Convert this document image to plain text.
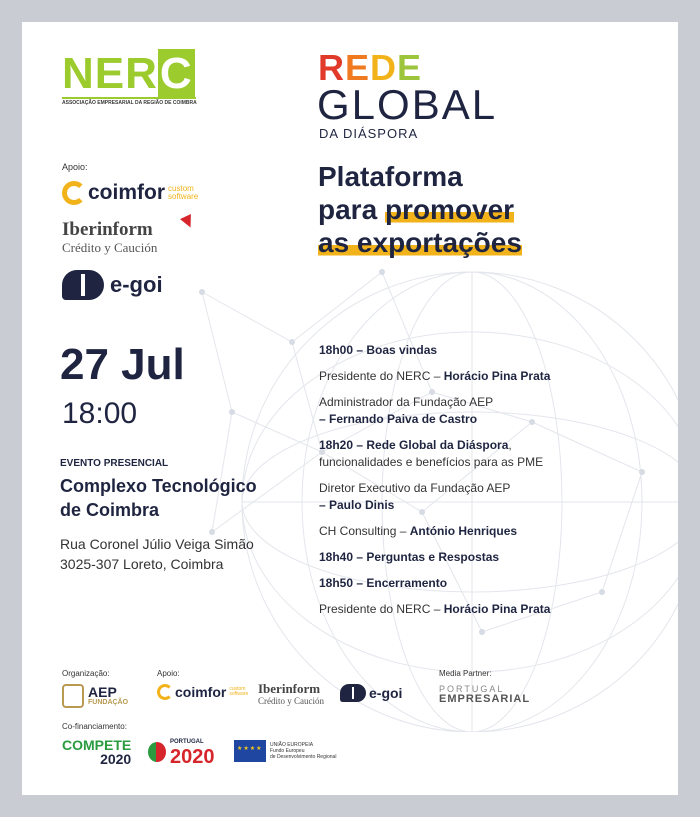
NERC
ASSOCIAÇÃO EMPRESARIAL DA REGIÃO DE COIMBRA
REDE
GLOBAL
DA DIÁSPORA
Plataforma
para promover
as exportações
Apoio:
coimfor custom
software
Iberinform
Crédito y Caución
e-goi
27 Jul
18:00
EVENTO PRESENCIAL
Complexo Tecnológico
de Coimbra
Rua Coronel Júlio Veiga Simão
3025-307 Loreto, Coimbra
18h00 – Boas vindas
Presidente do NERC – Horácio Pina Prata
Administrador da Fundação AEP
– Fernando Paiva de Castro
18h20 – Rede Global da Diáspora,
funcionalidades e benefícios para as PME
Diretor Executivo da Fundação AEP
– Paulo Dinis
CH Consulting – António Henriques
18h40 – Perguntas e Respostas
18h50 – Encerramento
Presidente do NERC – Horácio Pina Prata
Organização:
AEP
FUNDAÇÃO
Apoio:
coimfor custom
software Iberinform
Crédito y Caución	e-goi
Media Partner:
PORTUGAL
EMPRESARIAL
Co-financiamento:
COMPETE
2020
PORTUGAL
2020
★★★★
UNIÃO EUROPEIA
Fundo Europeu
de Desenvolvimento Regional
